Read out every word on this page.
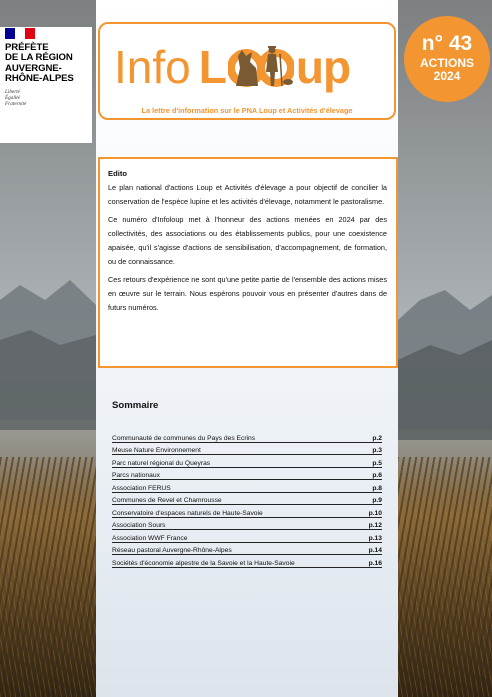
PRÉFÈTE
DE LA RÉGION
AUVERGNE-
RHÔNE-ALPES
Liberté
Égalité
Fraternité
Info L up
La lettre d'information sur le PNA Loup et Activités d'élevage
n° 43
ACTIONS
2024
Edito

Le plan national d'actions Loup et Activités d'élevage a pour objectif de concilier la conservation de l'espèce lupine et les activités d'élevage, notamment le pastoralisme.

Ce numéro d'Infoloup met à l'honneur des actions menées en 2024 par des collectivités, des associations ou des établissements publics, pour une coexistence apaisée, qu'il s'agisse d'actions de sensibilisation, d'accompagnement, de formation, ou de connaissance.

Ces retours d'expérience ne sont qu'une petite partie de l'ensemble des actions mises en œuvre sur le terrain. Nous espérons pouvoir vous en présenter d'autres dans de futurs numéros.

Sommaire
Communauté de communes du Pays des Ecrins	p.2
Meuse Nature Environnement	p.3
Parc naturel régional du Queyras	p.5
Parcs nationaux	p.6
Association FERUS	p.8
Communes de Revel et Chamrousse	p.9
Conservatoire d'espaces naturels de Haute-Savoie	p.10
Association Sours	p.12
Association WWF France	p.13
Réseau pastoral Auvergne-Rhône-Alpes	p.14
Sociétés d'économie alpestre de la Savoie et la Haute-Savoie	p.16
